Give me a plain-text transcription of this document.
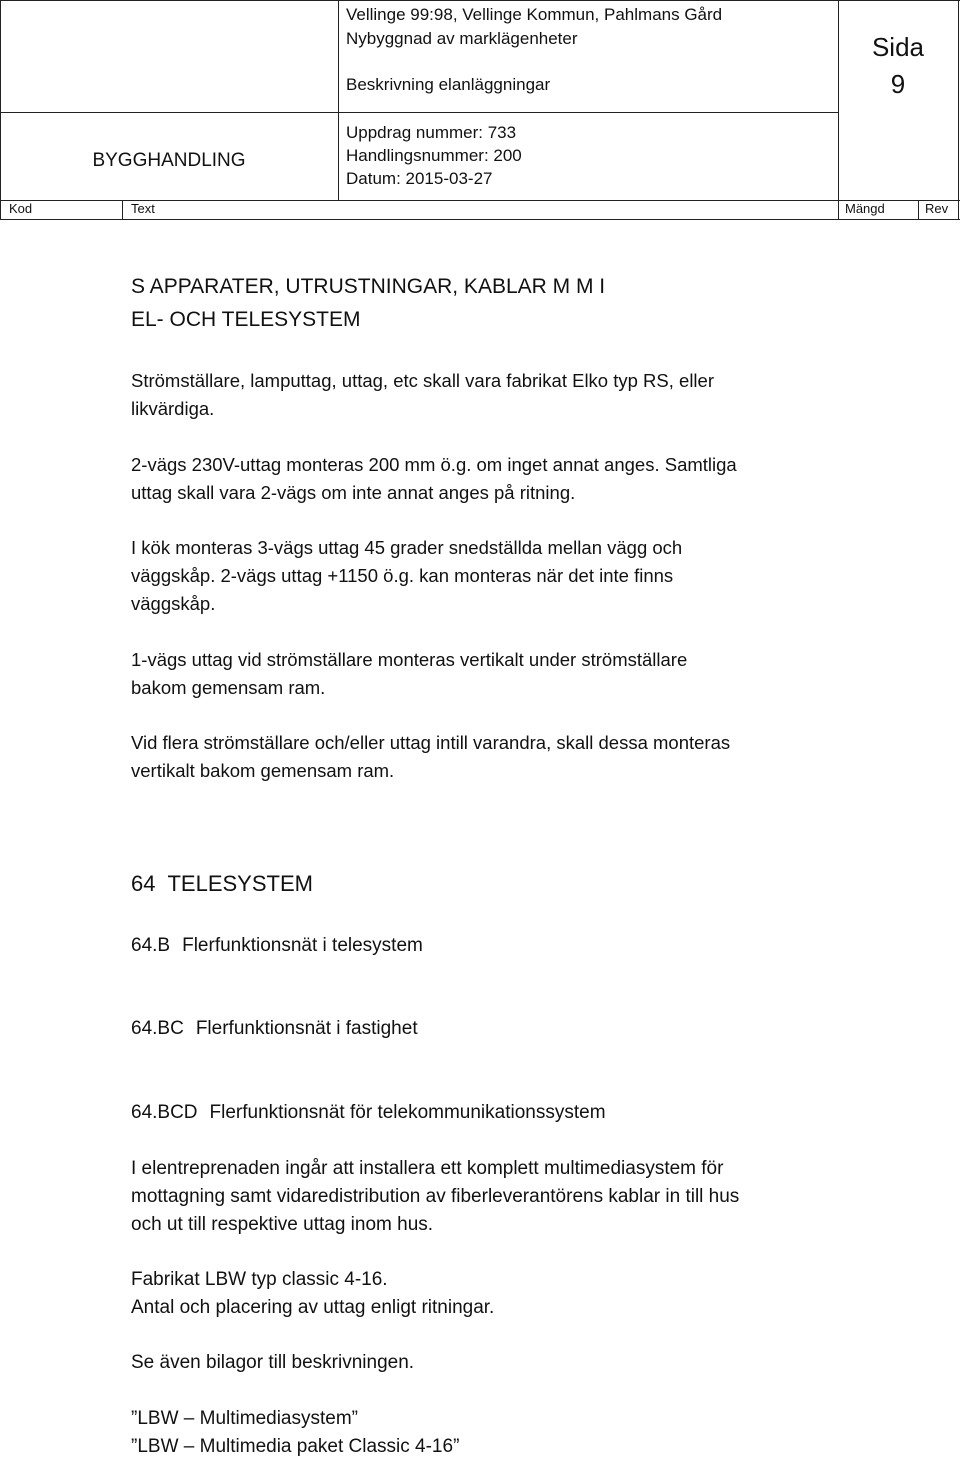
Vellinge 99:98, Vellinge Kommun, Pahlmans Gård
Nybyggnad av marklägenheter
Beskrivning elanläggningar
Uppdrag nummer: 733
Handlingsnummer: 200
Datum: 2015-03-27
BYGGHANDLING
Sida
9
Kod	Text	Mängd	Rev
S APPARATER, UTRUSTNINGAR, KABLAR M M I
EL- OCH TELESYSTEM
Strömställare, lamputtag, uttag, etc skall vara fabrikat Elko typ RS, eller
likvärdiga.
2-vägs 230V-uttag monteras 200 mm ö.g. om inget annat anges. Samtliga
uttag skall vara 2-vägs om inte annat anges på ritning.
I kök monteras 3-vägs uttag 45 grader snedställda mellan vägg och
väggskåp. 2-vägs uttag +1150 ö.g. kan monteras när det inte finns
väggskåp.
1-vägs uttag vid strömställare monteras vertikalt under strömställare
bakom gemensam ram.
Vid flera strömställare och/eller uttag intill varandra, skall dessa monteras
vertikalt bakom gemensam ram.
64 TELESYSTEM
64.B Flerfunktionsnät i telesystem
64.BC Flerfunktionsnät i fastighet
64.BCD Flerfunktionsnät för telekommunikationssystem
I elentreprenaden ingår att installera ett komplett multimediasystem för
mottagning samt vidaredistribution av fiberleverantörens kablar in till hus
och ut till respektive uttag inom hus.
Fabrikat LBW typ classic 4-16.
Antal och placering av uttag enligt ritningar.
Se även bilagor till beskrivningen.
”LBW – Multimediasystem”
”LBW – Multimedia paket Classic 4-16”
